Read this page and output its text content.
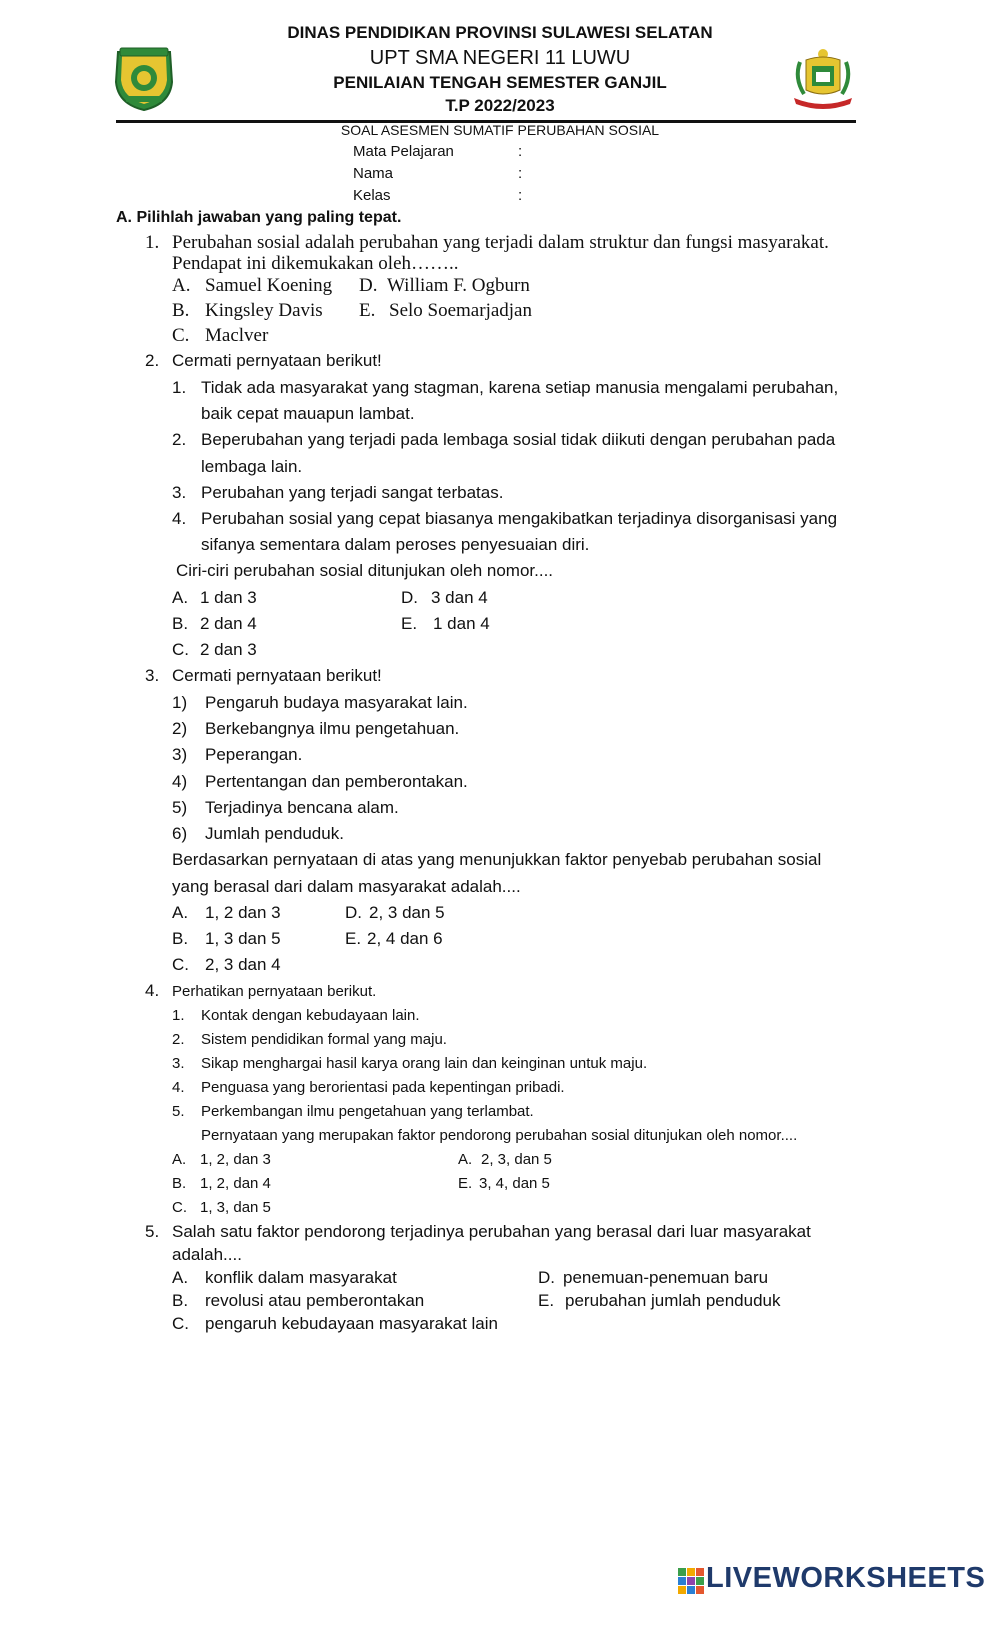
DINAS PENDIDIKAN PROVINSI SULAWESI SELATAN
UPT SMA NEGERI 11 LUWU
PENILAIAN TENGAH SEMESTER GANJIL
T.P 2022/2023
SOAL ASESMEN SUMATIF PERUBAHAN SOSIAL
Mata Pelajaran	:
Nama	:
Kelas	:
A. Pilihlah jawaban yang paling tepat.
1. Perubahan sosial adalah perubahan yang terjadi dalam struktur dan fungsi masyarakat.
Pendapat ini dikemukakan oleh……..
A. Samuel Koening D. William F. Ogburn
B. Kingsley Davis E. Selo Soemarjadjan
C. Maclver
2. Cermati pernyataan berikut!
1. Tidak ada masyarakat yang stagman, karena setiap manusia mengalami perubahan,
baik cepat mauapun lambat.
2. Beperubahan yang terjadi pada lembaga sosial tidak diikuti dengan perubahan pada
lembaga lain.
3. Perubahan yang terjadi sangat terbatas.
4. Perubahan sosial yang cepat biasanya mengakibatkan terjadinya disorganisasi yang
sifanya sementara dalam peroses penyesuaian diri.
Ciri-ciri perubahan sosial ditunjukan oleh nomor....
A. 1 dan 3	D. 3 dan 4
B. 2 dan 4	E. 1 dan 4
C. 2 dan 3
3. Cermati pernyataan berikut!
1) Pengaruh budaya masyarakat lain.
2) Berkebangnya ilmu pengetahuan.
3) Peperangan.
4) Pertentangan dan pemberontakan.
5) Terjadinya bencana alam.
6) Jumlah penduduk.
Berdasarkan pernyataan di atas yang menunjukkan faktor penyebab perubahan sosial
yang berasal dari dalam masyarakat adalah....
A. 1, 2 dan 3	D. 2, 3 dan 5
B. 1, 3 dan 5	E. 2, 4 dan 6
C. 2, 3 dan 4
4. Perhatikan pernyataan berikut.
1. Kontak dengan kebudayaan lain.
2. Sistem pendidikan formal yang maju.
3. Sikap menghargai hasil karya orang lain dan keinginan untuk maju.
4. Penguasa yang berorientasi pada kepentingan pribadi.
5. Perkembangan ilmu pengetahuan yang terlambat.
Pernyataan yang merupakan faktor pendorong perubahan sosial ditunjukan oleh nomor....
A. 1, 2, dan 3	A. 2, 3, dan 5
B. 1, 2, dan 4	E. 3, 4, dan 5
C. 1, 3, dan 5
5. Salah satu faktor pendorong terjadinya perubahan yang berasal dari luar masyarakat
adalah....
A. konflik dalam masyarakat	D. penemuan-penemuan baru
B. revolusi atau pemberontakan	E. perubahan jumlah penduduk
C. pengaruh kebudayaan masyarakat lain
LIVEWORKSHEETS
